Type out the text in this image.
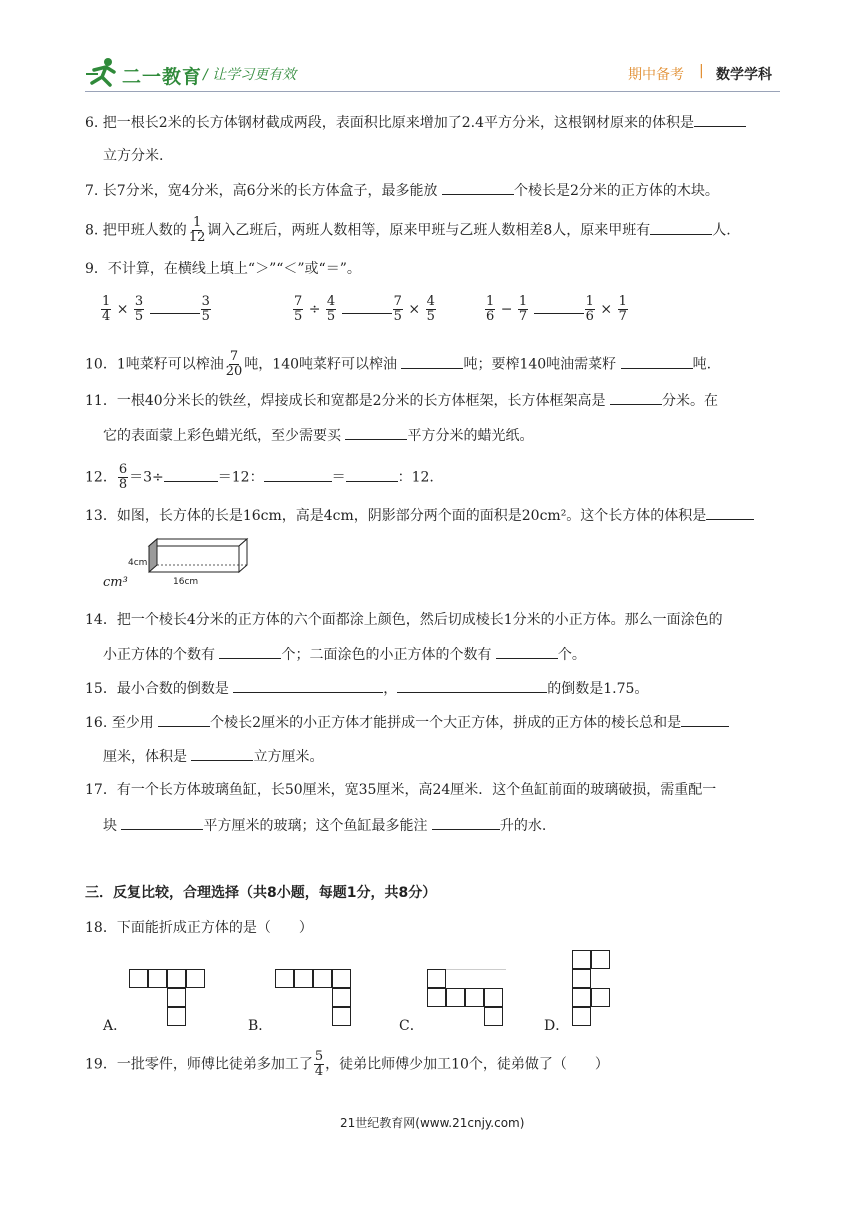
二一教育 / 让学习更有效	期中备考 | 数学学科
6. 把一根长2米的长方体钢材截成两段，表面积比原来增加了2.4平方分米，这根钢材原来的体积是
立方分米.
7. 长7分米，宽4分米，高6分米的长方体盒子，最多能放	个棱长是2分米的正方体的木块。
8. 把甲班人数的 $\frac{1}{12}$ 调入乙班后，两班人数相等，原来甲班与乙班人数相差8人，原来甲班有	人.
9．不计算，在横线上填上“＞”“＜”或“＝”。
$\frac{1}{4} \times \frac{3}{5}$
	$\frac{3}{5}$	$\frac{7}{5} \div \frac{4}{5}$
	$\frac{7}{5} \times \frac{4}{5}$	$\frac{1}{6} - \frac{1}{7}$
	$\frac{1}{6} \times \frac{1}{7}$
10．1吨菜籽可以榨油 $\frac{7}{20}$ 吨，140吨菜籽可以榨油	吨；要榨140吨油需菜籽	吨.
11．一根40分米长的铁丝，焊接成长和宽都是2分米的长方体框架，长方体框架高是	分米。在
它的表面蒙上彩色蜡光纸，至少需要买	平方分米的蜡光纸。
12． $\frac{6}{8} =3\div$	＝12：	＝	：12.
13．如图，长方体的长是16cm，高是4cm，阴影部分两个面的面积是20cm²。这个长方体的体积是
4cm
16cm
cm³
14．把一个棱长4分米的正方体的六个面都涂上颜色，然后切成棱长1分米的小正方体。那么一面涂色的
小正方体的个数有	个；二面涂色的小正方体的个数有	个。
15．最小合数的倒数是	，	的倒数是1.75。
16. 至少用	个棱长2厘米的小正方体才能拼成一个大正方体，拼成的正方体的棱长总和是
厘米，体积是	立方厘米。
17．有一个长方体玻璃鱼缸，长50厘米，宽35厘米，高24厘米．这个鱼缸前面的玻璃破损，需重配一
块	平方厘米的玻璃；这个鱼缸最多能注	升的水.
三．反复比较，合理选择（共8小题，每题1分，共8分）
18．下面能折成正方体的是（　　）
A．	B．	C．	D．
19．一批零件，师傅比徒弟多加工了 $\frac{5}{4}$ ，徒弟比师傅少加工10个，徒弟做了（　　）
21世纪教育网(www.21cnjy.com)
